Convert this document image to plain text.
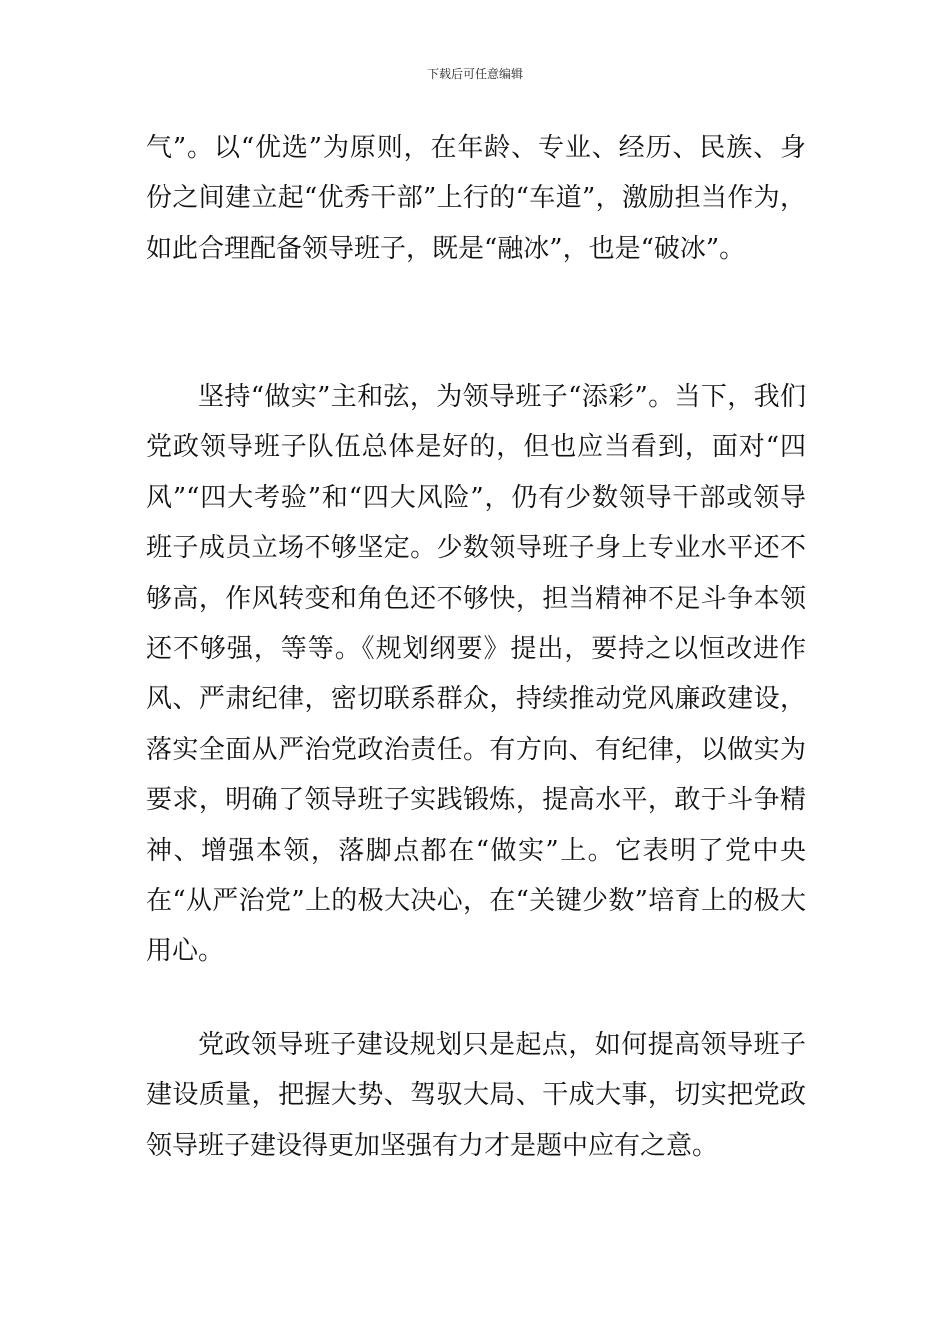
下载后可任意编辑

气”。以“优选”为原则，在年龄、专业、经历、民族、身份之间建立起“优秀干部”上行的“车道”，激励担当作为，如此合理配备领导班子，既是“融冰”，也是“破冰”。

坚持“做实”主和弦，为领导班子“添彩”。当下，我们党政领导班子队伍总体是好的，但也应当看到，面对“四风”“四大考验”和“四大风险”，仍有少数领导干部或领导班子成员立场不够坚定。少数领导班子身上专业水平还不够高，作风转变和角色还不够快，担当精神不足斗争本领还不够强，等等。《规划纲要》提出，要持之以恒改进作风、严肃纪律，密切联系群众，持续推动党风廉政建设，落实全面从严治党政治责任。有方向、有纪律，以做实为要求，明确了领导班子实践锻炼，提高水平，敢于斗争精神、增强本领，落脚点都在“做实”上。它表明了党中央在“从严治党”上的极大决心，在“关键少数”培育上的极大用心。

党政领导班子建设规划只是起点，如何提高领导班子建设质量，把握大势、驾驭大局、干成大事，切实把党政领导班子建设得更加坚强有力才是题中应有之意。
